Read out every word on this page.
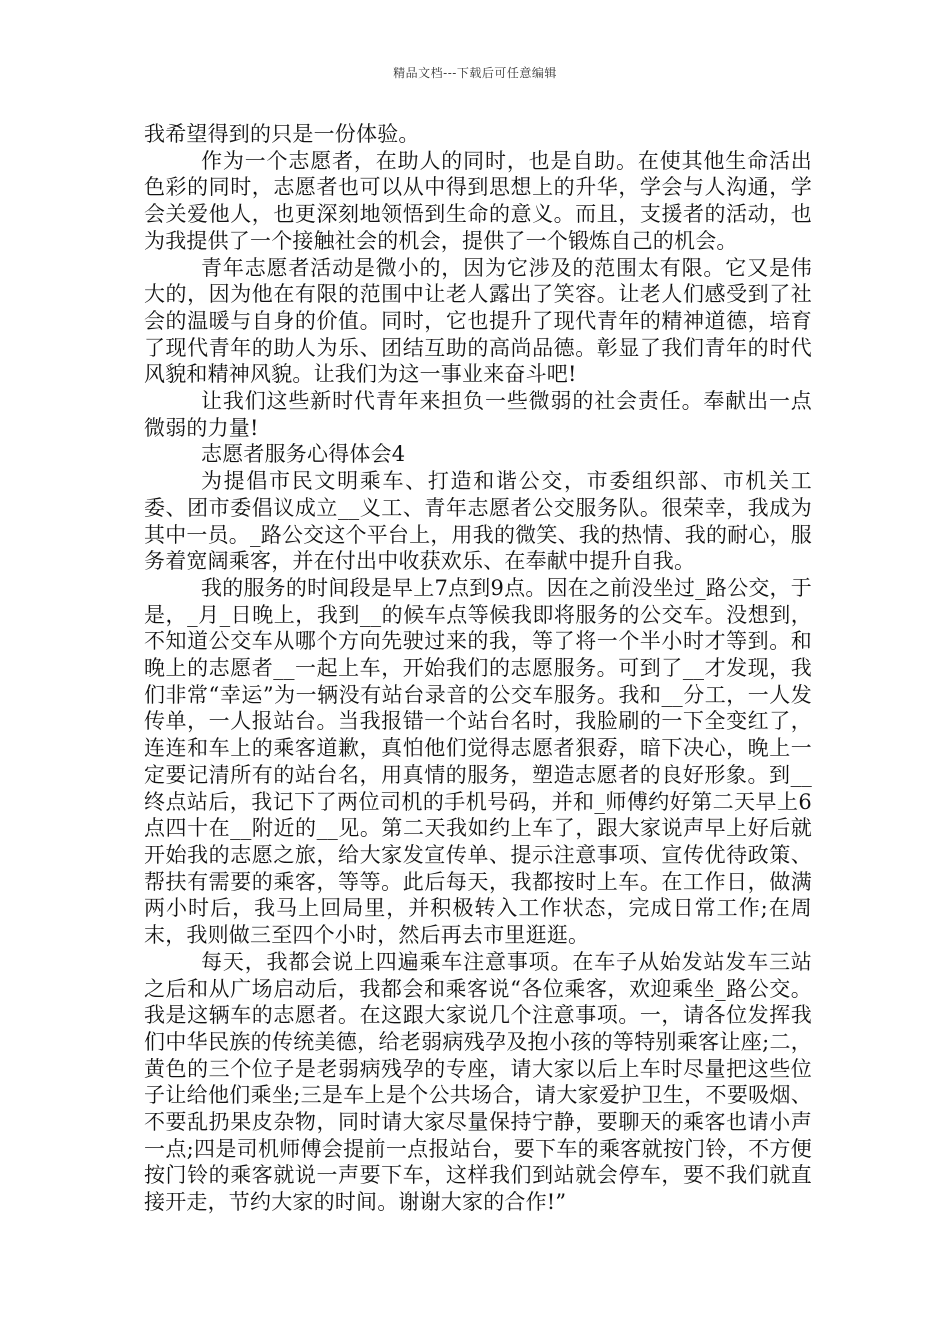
精品文档---下载后可任意编辑

我希望得到的只是一份体验。

作为一个志愿者，在助人的同时，也是自助。在使其他生命活出色彩的同时，志愿者也可以从中得到思想上的升华，学会与人沟通，学会关爱他人，也更深刻地领悟到生命的意义。而且，支援者的活动，也为我提供了一个接触社会的机会，提供了一个锻炼自己的机会。

青年志愿者活动是微小的，因为它涉及的范围太有限。它又是伟大的，因为他在有限的范围中让老人露出了笑容。让老人们感受到了社会的温暖与自身的价值。同时，它也提升了现代青年的精神道德，培育了现代青年的助人为乐、团结互助的高尚品德。彰显了我们青年的时代风貌和精神风貌。让我们为这一事业来奋斗吧!

让我们这些新时代青年来担负一些微弱的社会责任。奉献出一点微弱的力量!

志愿者服务心得体会4

为提倡市民文明乘车、打造和谐公交，市委组织部、市机关工委、团市委倡议成立__义工、青年志愿者公交服务队。很荣幸，我成为其中一员。_路公交这个平台上，用我的微笑、我的热情、我的耐心，服务着宽阔乘客，并在付出中收获欢乐、在奉献中提升自我。

我的服务的时间段是早上7点到9点。因在之前没坐过_路公交，于是，_月_日晚上，我到__的候车点等候我即将服务的公交车。没想到，不知道公交车从哪个方向先驶过来的我，等了将一个半小时才等到。和晚上的志愿者__一起上车，开始我们的志愿服务。可到了__才发现，我们非常“幸运”为一辆没有站台录音的公交车服务。我和__分工，一人发传单，一人报站台。当我报错一个站台名时，我脸刷的一下全变红了，连连和车上的乘客道歉，真怕他们觉得志愿者狠孬，暗下决心，晚上一定要记清所有的站台名，用真情的服务，塑造志愿者的良好形象。到__终点站后，我记下了两位司机的手机号码，并和_师傅约好第二天早上6点四十在__附近的__见。第二天我如约上车了，跟大家说声早上好后就开始我的志愿之旅，给大家发宣传单、提示注意事项、宣传优待政策、帮扶有需要的乘客，等等。此后每天，我都按时上车。在工作日，做满两小时后，我马上回局里，并积极转入工作状态，完成日常工作;在周末，我则做三至四个小时，然后再去市里逛逛。

每天，我都会说上四遍乘车注意事项。在车子从始发站发车三站之后和从广场启动后，我都会和乘客说“各位乘客，欢迎乘坐_路公交。我是这辆车的志愿者。在这跟大家说几个注意事项。一，请各位发挥我们中华民族的传统美德，给老弱病残孕及抱小孩的等特别乘客让座;二，黄色的三个位子是老弱病残孕的专座，请大家以后上车时尽量把这些位子让给他们乘坐;三是车上是个公共场合，请大家爱护卫生，不要吸烟、不要乱扔果皮杂物，同时请大家尽量保持宁静，要聊天的乘客也请小声一点;四是司机师傅会提前一点报站台，要下车的乘客就按门铃，不方便按门铃的乘客就说一声要下车，这样我们到站就会停车，要不我们就直接开走，节约大家的时间。谢谢大家的合作!”
